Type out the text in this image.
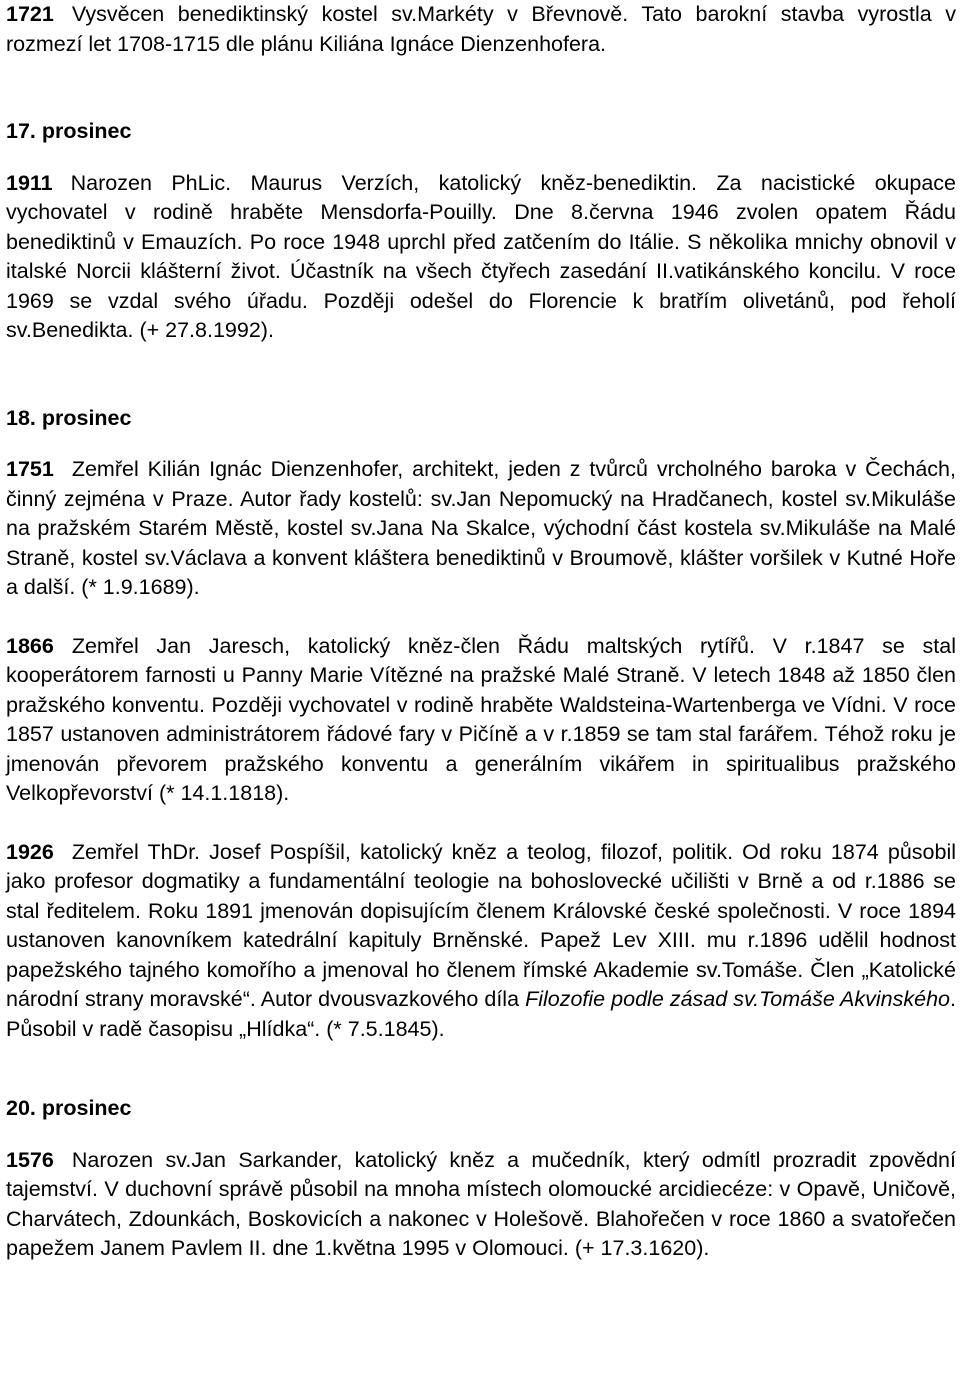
1721 Vysvěcen benediktinský kostel sv.Markéty v Břevnově. Tato barokní stavba vyrostla v rozmezí let 1708-1715 dle plánu Kiliána Ignáce Dienzenhofera.

17. prosinec

1911 Narozen PhLic. Maurus Verzích, katolický kněz-benediktin. Za nacistické okupace vychovatel v rodině hraběte Mensdorfa-Pouilly. Dne 8.června 1946 zvolen opatem Řádu benediktinů v Emauzích. Po roce 1948 uprchl před zatčením do Itálie. S několika mnichy obnovil v italské Norcii klášterní život. Účastník na všech čtyřech zasedání II.vatikánského koncilu. V roce 1969 se vzdal svého úřadu. Později odešel do Florencie k bratřím olivetánů, pod řeholí sv.Benedikta. (+ 27.8.1992).

18. prosinec

1751 Zemřel Kilián Ignác Dienzenhofer, architekt, jeden z tvůrců vrcholného baroka v Čechách, činný zejména v Praze. Autor řady kostelů: sv.Jan Nepomucký na Hradčanech, kostel sv.Mikuláše na pražském Starém Městě, kostel sv.Jana Na Skalce, východní část kostela sv.Mikuláše na Malé Straně, kostel sv.Václava a konvent kláštera benediktinů v Broumově, klášter voršilek v Kutné Hoře a další. (* 1.9.1689).

1866 Zemřel Jan Jaresch, katolický kněz-člen Řádu maltských rytířů. V r.1847 se stal kooperátorem farnosti u Panny Marie Vítězné na pražské Malé Straně. V letech 1848 až 1850 člen pražského konventu. Později vychovatel v rodině hraběte Waldsteina-Wartenberga ve Vídni. V roce 1857 ustanoven administrátorem řádové fary v Pičíně a v r.1859 se tam stal farářem. Téhož roku je jmenován převorem pražského konventu a generálním vikářem in spiritualibus pražského Velkopřevorství (* 14.1.1818).

1926 Zemřel ThDr. Josef Pospíšil, katolický kněz a teolog, filozof, politik. Od roku 1874 působil jako profesor dogmatiky a fundamentální teologie na bohoslovecké učilišti v Brně a od r.1886 se stal ředitelem. Roku 1891 jmenován dopisujícím členem Královské české společnosti. V roce 1894 ustanoven kanovníkem katedrální kapituly Brněnské. Papež Lev XIII. mu r.1896 udělil hodnost papežského tajného komořího a jmenoval ho členem římské Akademie sv.Tomáše. Člen „Katolické národní strany moravské“. Autor dvousvazkového díla Filozofie podle zásad sv.Tomáše Akvinského. Působil v radě časopisu „Hlídka“. (* 7.5.1845).

20. prosinec

1576 Narozen sv.Jan Sarkander, katolický kněz a mučedník, který odmítl prozradit zpovědní tajemství. V duchovní správě působil na mnoha místech olomoucké arcidiecéze: v Opavě, Uničově, Charvátech, Zdounkách, Boskovicích a nakonec v Holešově. Blahořečen v roce 1860 a svatořečen papežem Janem Pavlem II. dne 1.května 1995 v Olomouci. (+ 17.3.1620).
